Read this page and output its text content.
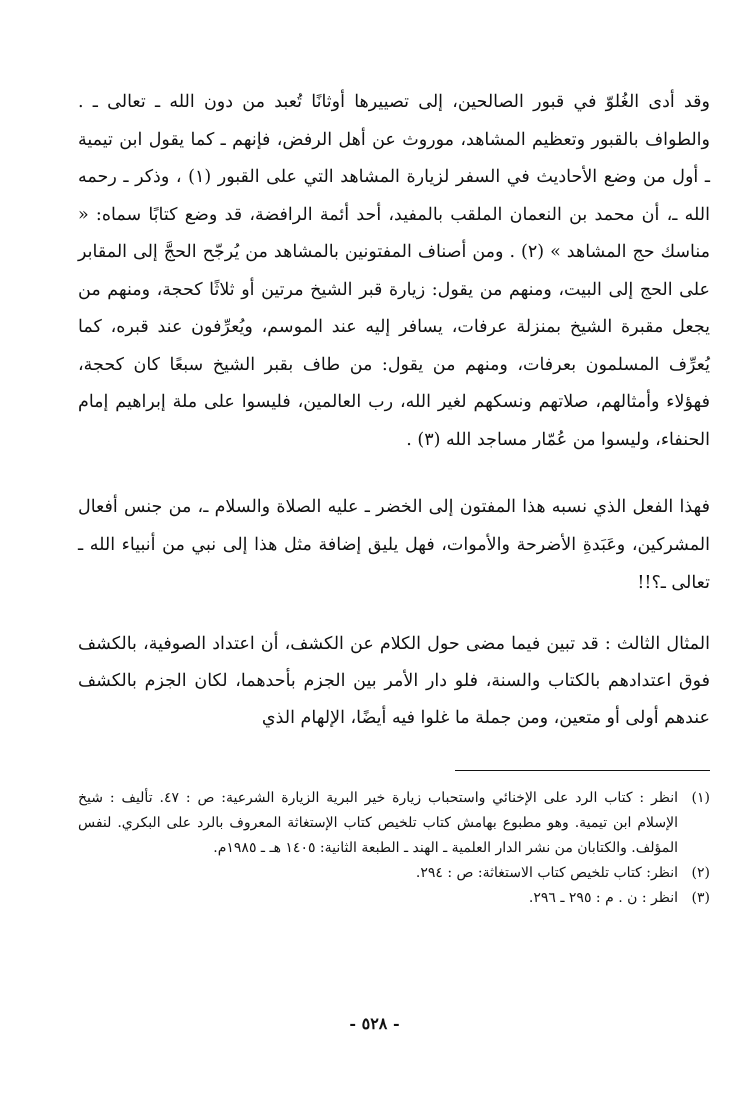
وقد أدى الغُلوّ في قبور الصالحين، إلى تصييرها أوثانًا تُعبد من دون الله ـ تعالى ـ . والطواف بالقبور وتعظيم المشاهد، موروث عن أهل الرفض، فإنهم ـ كما يقول ابن تيمية ـ أول من وضع الأحاديث في السفر لزيارة المشاهد التي على القبور (١) ، وذكر ـ رحمه الله ـ، أن محمد بن النعمان الملقب بالمفيد، أحد أئمة الرافضة، قد وضع كتابًا سماه: « مناسك حج المشاهد » (٢) . ومن أصناف المفتونين بالمشاهد من يُرجّح الحجَّ إلى المقابر على الحج إلى البيت، ومنهم من يقول: زيارة قبر الشيخ مرتين أو ثلاثًا كحجة، ومنهم من يجعل مقبرة الشيخ بمنزلة عرفات، يسافر إليه عند الموسم، ويُعرِّفون عند قبره، كما يُعرِّف المسلمون بعرفات، ومنهم من يقول: من طاف بقبر الشيخ سبعًا كان كحجة، فهؤلاء وأمثالهم، صلاتهم ونسكهم لغير الله، رب العالمين، فليسوا على ملة إبراهيم إمام الحنفاء، وليسوا من عُمّار مساجد الله (٣) .

فهذا الفعل الذي نسبه هذا المفتون إلى الخضر ـ عليه الصلاة والسلام ـ، من جنس أفعال المشركين، وعَبَدةِ الأضرحة والأموات، فهل يليق إضافة مثل هذا إلى نبي من أنبياء الله ـ تعالى ـ؟!!

المثال الثالث : قد تبين فيما مضى حول الكلام عن الكشف، أن اعتداد الصوفية، بالكشف فوق اعتدادهم بالكتاب والسنة، فلو دار الأمر بين الجزم بأحدهما، لكان الجزم بالكشف عندهم أولى أو متعين، ومن جملة ما غلوا فيه أيضًا، الإلهام الذي

(١)
انظر : كتاب الرد على الإخنائي واستحباب زيارة خير البرية الزيارة الشرعية: ص : ٤٧. تأليف : شيخ الإسلام ابن تيمية. وهو مطبوع بهامش كتاب تلخيص كتاب الإستغاثة المعروف بالرد على البكري. لنفس المؤلف. والكتابان من نشر الدار العلمية ـ الهند ـ الطبعة الثانية: ١٤٠٥ هـ ـ ١٩٨٥م.

(٢)
انظر: كتاب تلخيص كتاب الاستغاثة: ص : ٢٩٤.

(٣)
انظر : ن . م : ٢٩٥ ـ ٢٩٦.

- ٥٢٨ -
